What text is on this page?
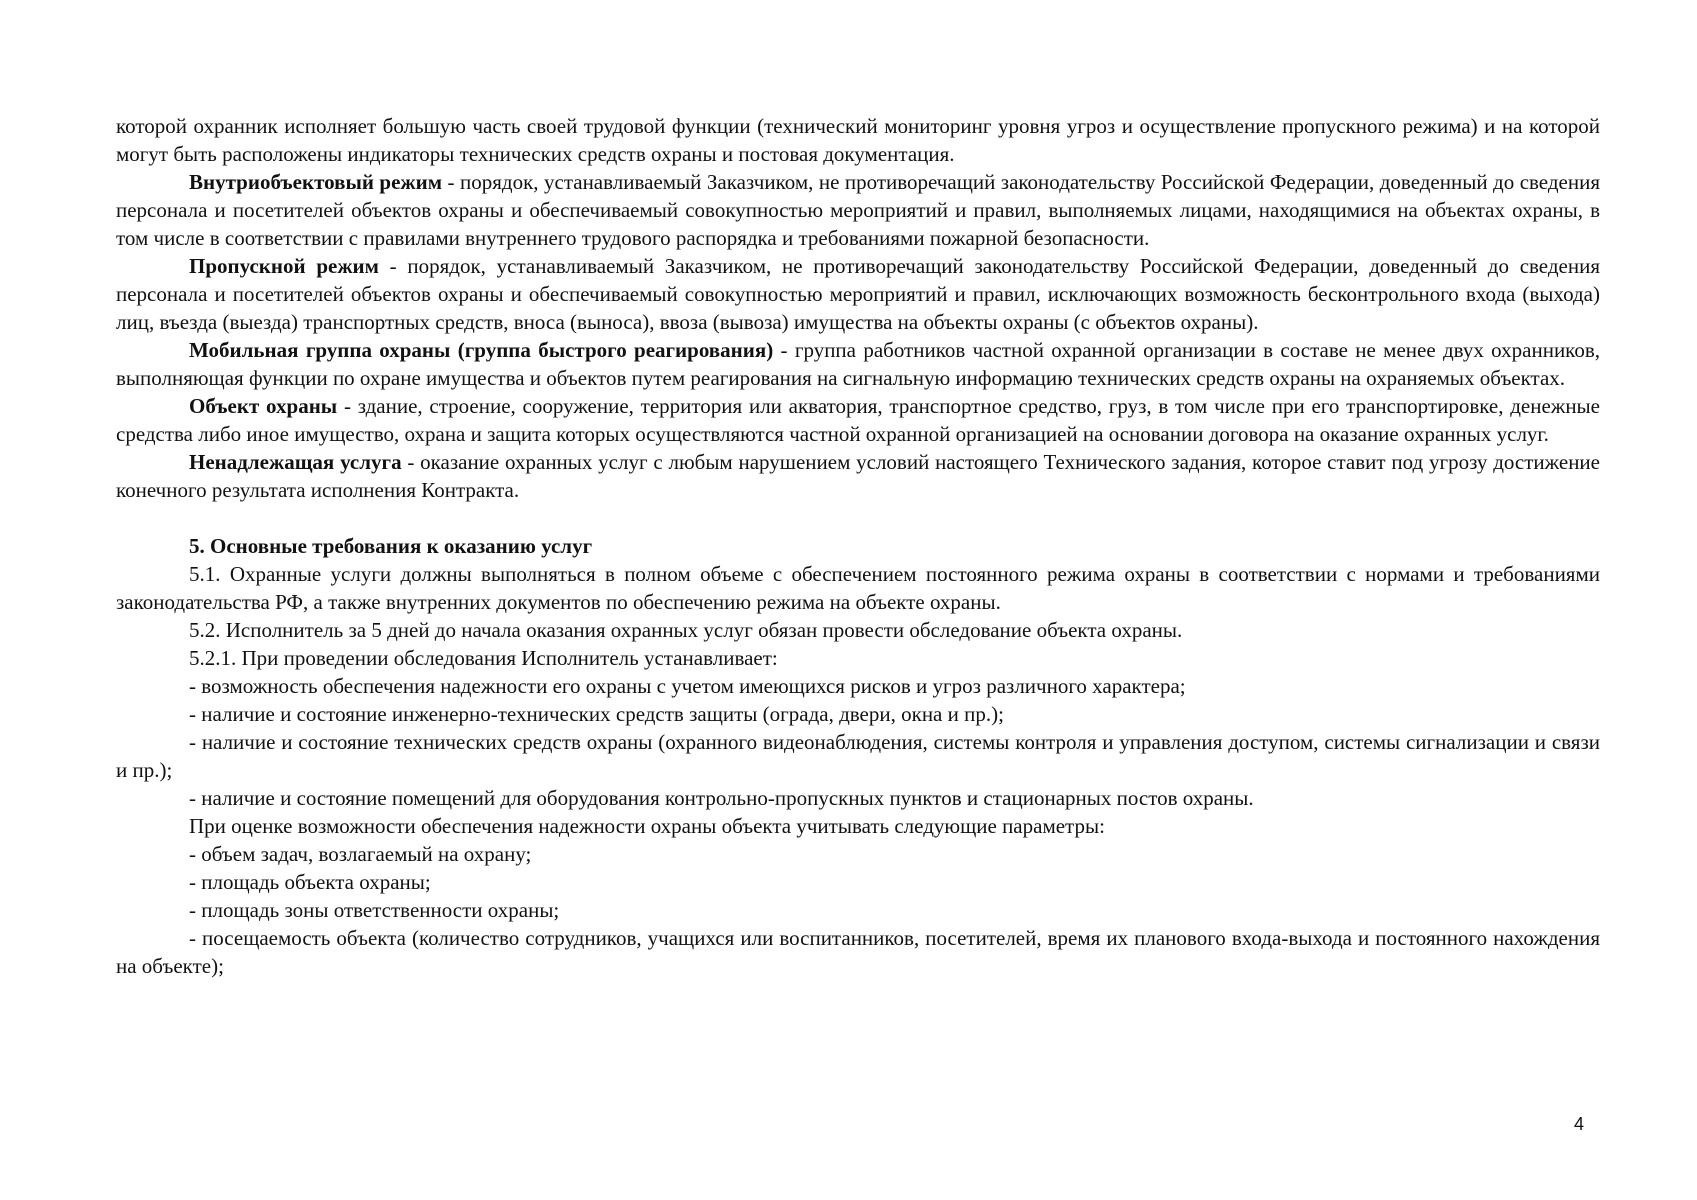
которой охранник исполняет большую часть своей трудовой функции (технический мониторинг уровня угроз и осуществление пропускного режима) и на которой могут быть расположены индикаторы технических средств охраны и постовая документация.

Внутриобъектовый режим - порядок, устанавливаемый Заказчиком, не противоречащий законодательству Российской Федерации, доведенный до сведения персонала и посетителей объектов охраны и обеспечиваемый совокупностью мероприятий и правил, выполняемых лицами, находящимися на объектах охраны, в том числе в соответствии с правилами внутреннего трудового распорядка и требованиями пожарной безопасности.

Пропускной режим - порядок, устанавливаемый Заказчиком, не противоречащий законодательству Российской Федерации, доведенный до сведения персонала и посетителей объектов охраны и обеспечиваемый совокупностью мероприятий и правил, исключающих возможность бесконтрольного входа (выхода) лиц, въезда (выезда) транспортных средств, вноса (выноса), ввоза (вывоза) имущества на объекты охраны (с объектов охраны).

Мобильная группа охраны (группа быстрого реагирования) - группа работников частной охранной организации в составе не менее двух охранников, выполняющая функции по охране имущества и объектов путем реагирования на сигнальную информацию технических средств охраны на охраняемых объектах.

Объект охраны - здание, строение, сооружение, территория или акватория, транспортное средство, груз, в том числе при его транспортировке, денежные средства либо иное имущество, охрана и защита которых осуществляются частной охранной организацией на основании договора на оказание охранных услуг.

Ненадлежащая услуга - оказание охранных услуг с любым нарушением условий настоящего Технического задания, которое ставит под угрозу достижение конечного результата исполнения Контракта.

5. Основные требования к оказанию услуг

5.1. Охранные услуги должны выполняться в полном объеме с обеспечением постоянного режима охраны в соответствии с нормами и требованиями законодательства РФ, а также внутренних документов по обеспечению режима на объекте охраны.

5.2. Исполнитель за 5 дней до начала оказания охранных услуг обязан провести обследование объекта охраны.

5.2.1. При проведении обследования Исполнитель устанавливает:

- возможность обеспечения надежности его охраны с учетом имеющихся рисков и угроз различного характера;

- наличие и состояние инженерно-технических средств защиты (ограда, двери, окна и пр.);

- наличие и состояние технических средств охраны (охранного видеонаблюдения, системы контроля и управления доступом, системы сигнализации и связи и пр.);

- наличие и состояние помещений для оборудования контрольно-пропускных пунктов и стационарных постов охраны.

При оценке возможности обеспечения надежности охраны объекта учитывать следующие параметры:

- объем задач, возлагаемый на охрану;

- площадь объекта охраны;

- площадь зоны ответственности охраны;

- посещаемость объекта (количество сотрудников, учащихся или воспитанников, посетителей, время их планового входа-выхода и постоянного нахождения на объекте);

4
